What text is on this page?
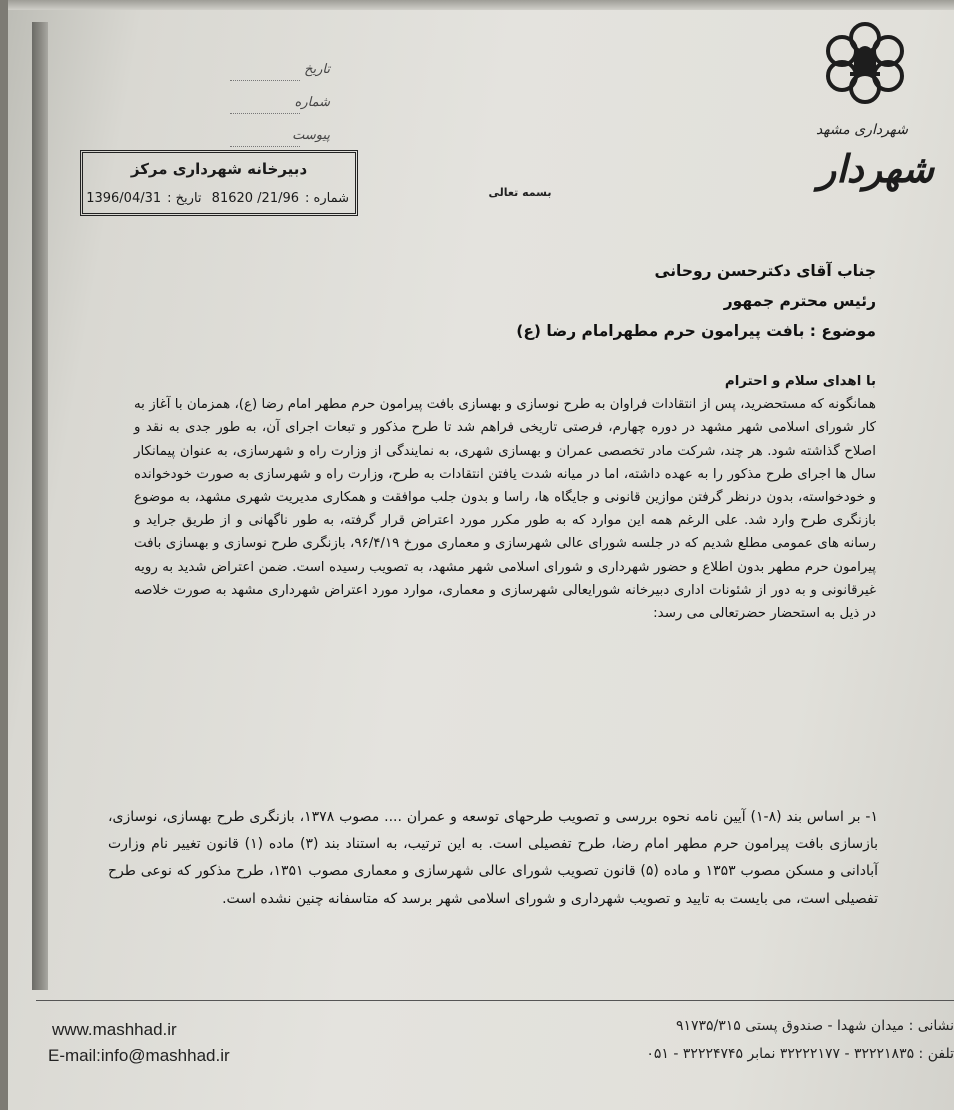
شهرداری مشهد
شهردار
تاریخ
شماره
پیوست
دبیرخانه شهرداری مرکز
شماره :21/96/ 81620 تاریخ :1396/04/31	بسمه تعالی
جناب آقای دکترحسن روحانی
رئیس محترم جمهور
موضوع : بافت پیرامون حرم مطهرامام رضا (ع)

با اهدای سلام و احترام

همانگونه که مستحضرید، پس از انتقادات فراوان به طرح نوسازی و بهسازی بافت پیرامون حرم مطهر امام رضا (ع)، همزمان با آغاز به کار شورای اسلامی شهر مشهد در دوره چهارم، فرصتی تاریخی فراهم شد تا طرح مذکور و تبعات اجرای آن، به طور جدی به نقد و اصلاح گذاشته شود. هر چند، شرکت مادر تخصصی عمران و بهسازی شهری، به نمایندگی از وزارت راه و شهرسازی، به عنوان پیمانکار سال ها اجرای طرح مذکور را به عهده داشته، اما در میانه شدت یافتن انتقادات به طرح، وزارت راه و شهرسازی به صورت خودخوانده و خودخواسته، بدون درنظر گرفتن موازین قانونی و جایگاه ها، راسا و بدون جلب موافقت و همکاری مدیریت شهری مشهد، به موضوع بازنگری طرح وارد شد. علی الرغم همه این موارد که به طور مکرر مورد اعتراض قرار گرفته، به طور ناگهانی و از طریق جراید و رسانه های عمومی مطلع شدیم که در جلسه شورای عالی شهرسازی و معماری مورخ ۹۶/۴/۱۹، بازنگری طرح نوسازی و بهسازی بافت پیرامون حرم مطهر بدون اطلاع و حضور شهرداری و شورای اسلامی شهر مشهد، به تصویب رسیده است. ضمن اعتراض شدید به رویه غیرقانونی و به دور از شئونات اداری دبیرخانه شورایعالی شهرسازی و معماری، موارد مورد اعتراض شهرداری مشهد به صورت خلاصه در ذیل به استحضار حضرتعالی می رسد:

۱- بر اساس بند (۸-۱) آیین نامه نحوه بررسی و تصویب طرحهای توسعه و عمران .... مصوب ۱۳۷۸، بازنگری طرح بهسازی، نوسازی، بازسازی بافت پیرامون حرم مطهر امام رضا، طرح تفصیلی است. به این ترتیب، به استناد بند (۳) ماده (۱) قانون تغییر نام وزارت آبادانی و مسکن مصوب ۱۳۵۳ و ماده (۵) قانون تصویب شورای عالی شهرسازی و معماری مصوب ۱۳۵۱، طرح مذکور که نوعی طرح تفصیلی است، می بایست به تایید و تصویب شهرداری و شورای اسلامی شهر برسد که متاسفانه چنین نشده است.

www.mashhad.ir
E-mail:info@mashhad.ir
نشانی : میدان شهدا - صندوق پستی ۹۱۷۳۵/۳۱۵
تلفن : ۳۲۲۲۱۸۳۵ - ۳۲۲۲۲۱۷۷ نمابر ۳۲۲۲۴۷۴۵ - ۰۵۱
